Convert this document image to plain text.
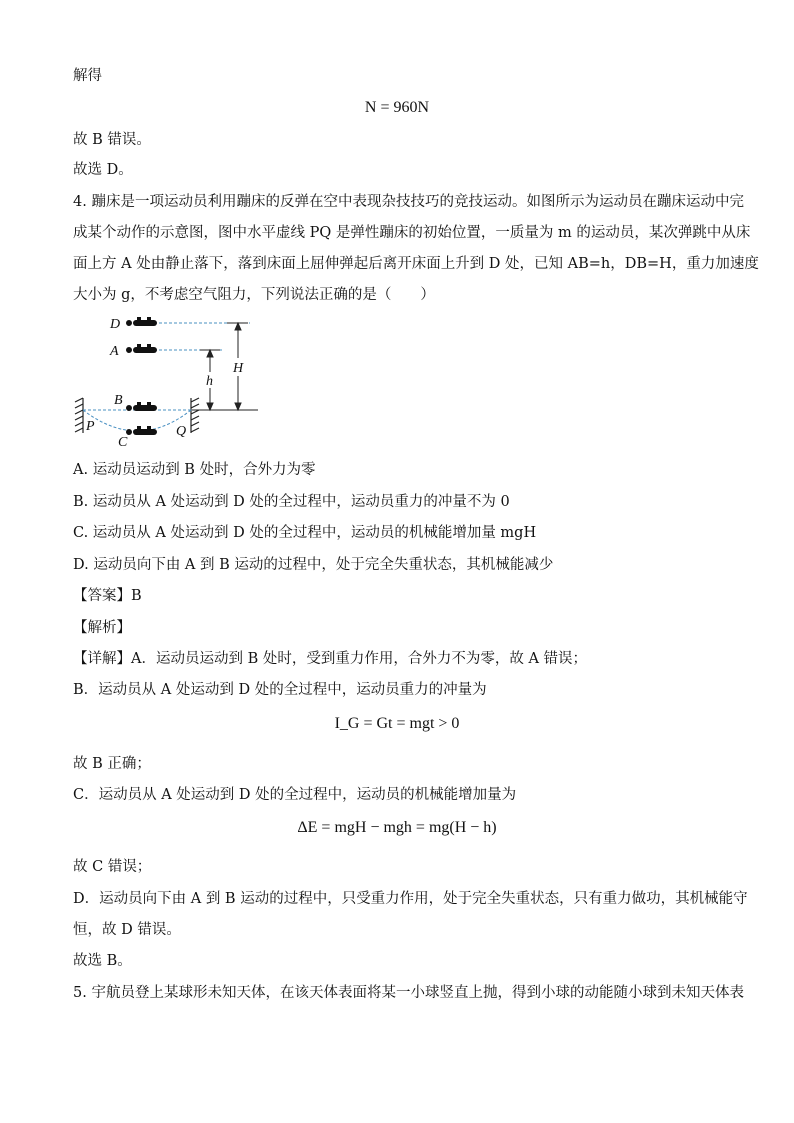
解得
N = 960N
故 B 错误。
故选 D。
4. 蹦床是一项运动员利用蹦床的反弹在空中表现杂技技巧的竞技运动。如图所示为运动员在蹦床运动中完
成某个动作的示意图，图中水平虚线 PQ 是弹性蹦床的初始位置，一质量为 m 的运动员，某次弹跳中从床
面上方 A 处由静止落下，落到床面上屈伸弹起后离开床面上升到 D 处，已知 AB=h，DB=H，重力加速度
大小为 g，不考虑空气阻力，下列说法正确的是（　　）
D
A
B
C
P	Q
h
H
A. 运动员运动到 B 处时，合外力为零
B. 运动员从 A 处运动到 D 处的全过程中，运动员重力的冲量不为 0
C. 运动员从 A 处运动到 D 处的全过程中，运动员的机械能增加量 mgH
D. 运动员向下由 A 到 B 运动的过程中，处于完全失重状态，其机械能减少
【答案】B
【解析】
【详解】A．运动员运动到 B 处时，受到重力作用，合外力不为零，故 A 错误；
B．运动员从 A 处运动到 D 处的全过程中，运动员重力的冲量为
I_G = Gt = mgt > 0
故 B 正确；
C．运动员从 A 处运动到 D 处的全过程中，运动员的机械能增加量为
ΔE = mgH − mgh = mg(H − h)
故 C 错误；
D．运动员向下由 A 到 B 运动的过程中，只受重力作用，处于完全失重状态，只有重力做功，其机械能守
恒，故 D 错误。
故选 B。
5. 宇航员登上某球形未知天体，在该天体表面将某一小球竖直上抛，得到小球的动能随小球到未知天体表
